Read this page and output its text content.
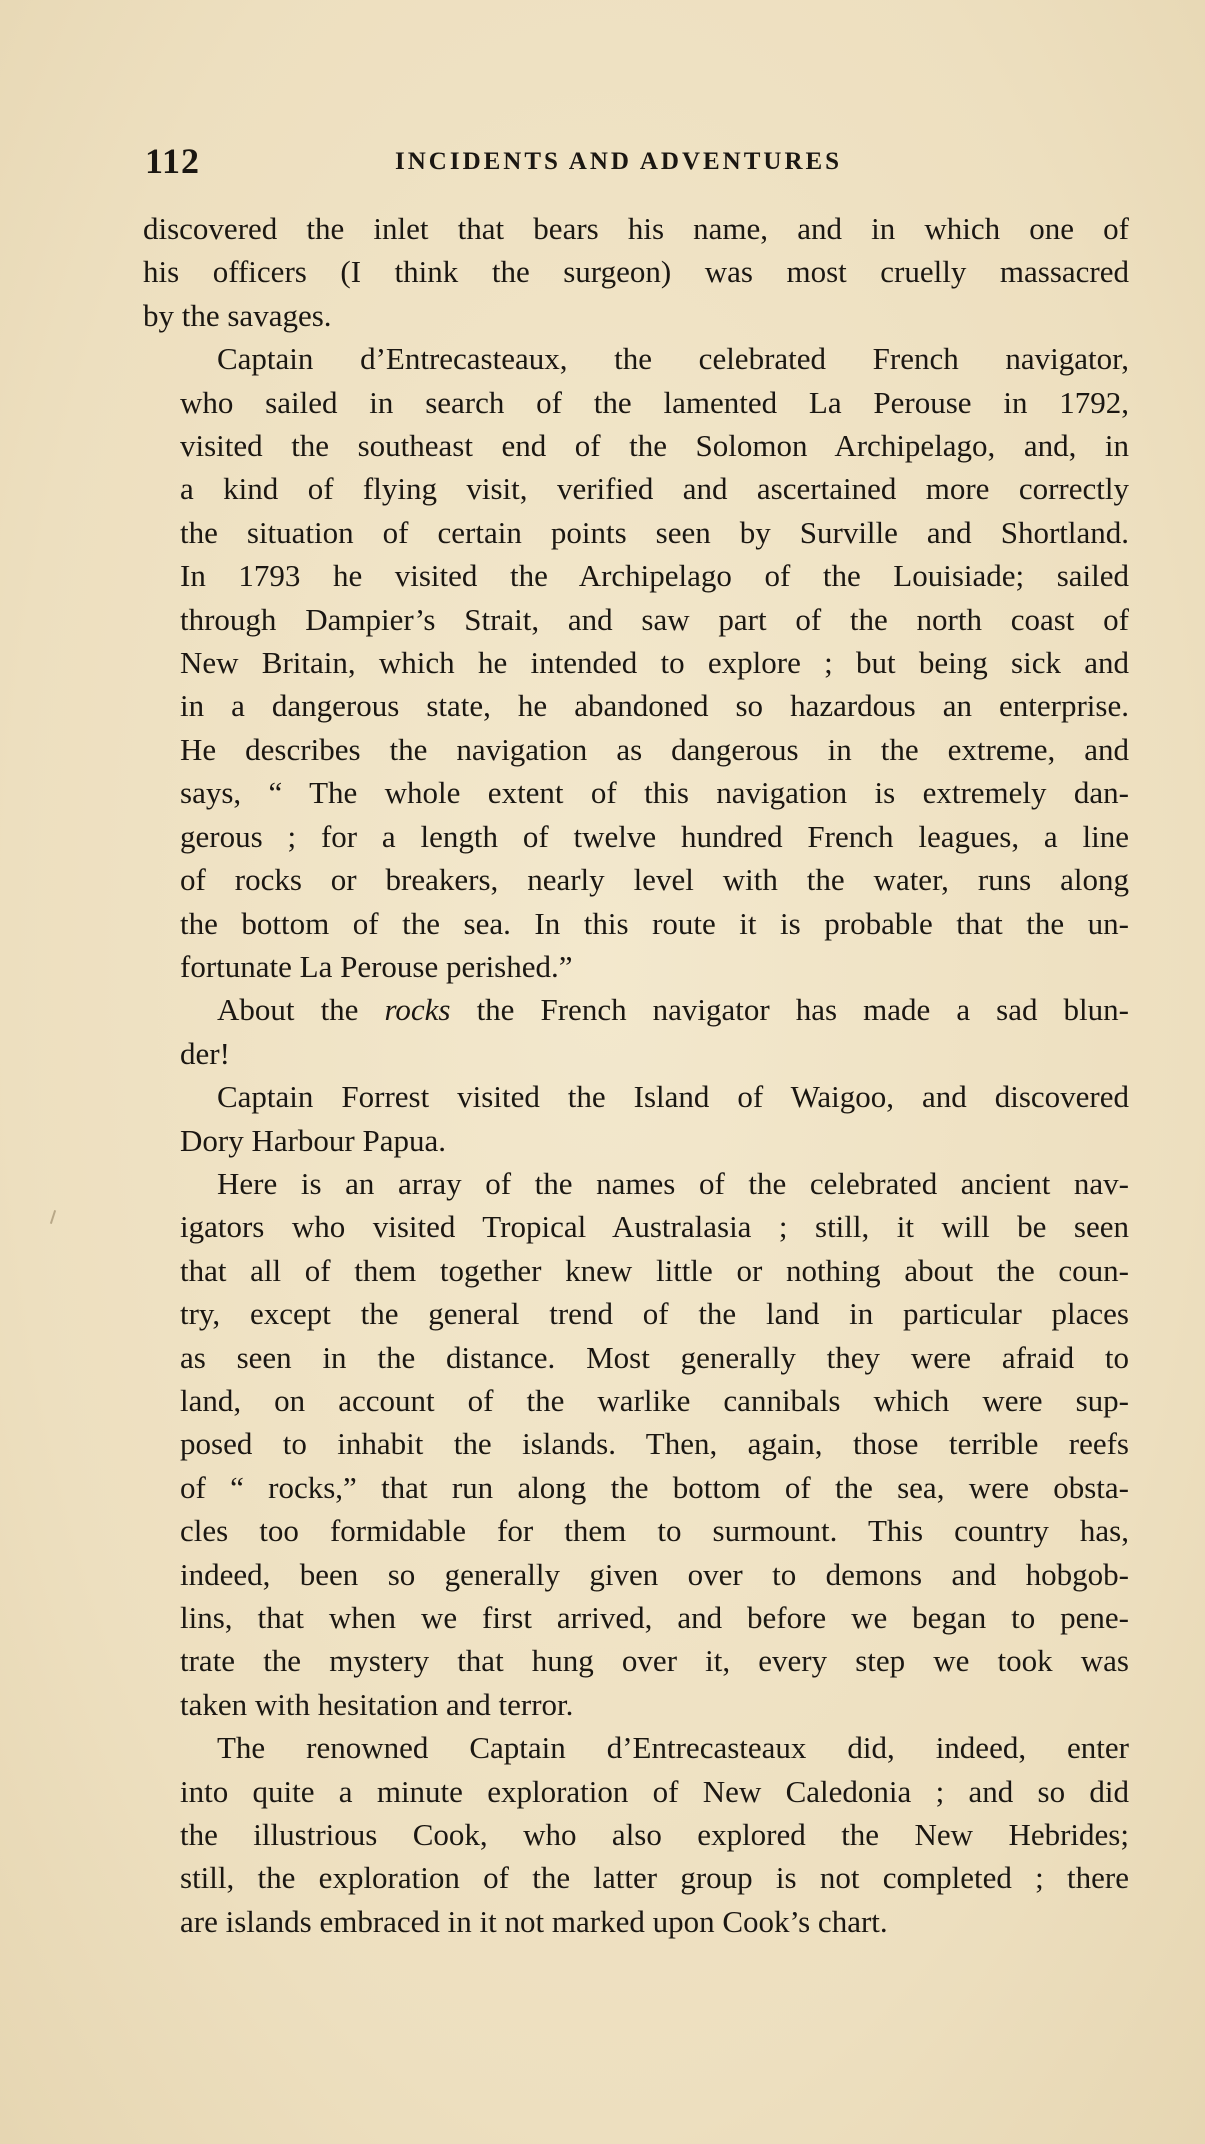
112	INCIDENTS AND ADVENTURES
discovered the inlet that bears his name, and in which one of
his officers (I think the surgeon) was most cruelly massacred
by the savages.
Captain d’Entrecasteaux, the celebrated French navigator,
who sailed in search of the lamented La Perouse in 1792,
visited the southeast end of the Solomon Archipelago, and, in
a kind of flying visit, verified and ascertained more correctly
the situation of certain points seen by Surville and Shortland.
In 1793 he visited the Archipelago of the Louisiade; sailed
through Dampier’s Strait, and saw part of the north coast of
New Britain, which he intended to explore ; but being sick and
in a dangerous state, he abandoned so hazardous an enterprise.
He describes the navigation as dangerous in the extreme, and
says, “ The whole extent of this navigation is extremely dan-
gerous ; for a length of twelve hundred French leagues, a line
of rocks or breakers, nearly level with the water, runs along
the bottom of the sea. In this route it is probable that the un-
fortunate La Perouse perished.”
About the rocks the French navigator has made a sad blun-
der!
Captain Forrest visited the Island of Waigoo, and discovered
Dory Harbour Papua.
Here is an array of the names of the celebrated ancient nav-
igators who visited Tropical Australasia ; still, it will be seen
that all of them together knew little or nothing about the coun-
try, except the general trend of the land in particular places
as seen in the distance. Most generally they were afraid to
land, on account of the warlike cannibals which were sup-
posed to inhabit the islands. Then, again, those terrible reefs
of “ rocks,” that run along the bottom of the sea, were obsta-
cles too formidable for them to surmount. This country has,
indeed, been so generally given over to demons and hobgob-
lins, that when we first arrived, and before we began to pene-
trate the mystery that hung over it, every step we took was
taken with hesitation and terror.
The renowned Captain d’Entrecasteaux did, indeed, enter
into quite a minute exploration of New Caledonia ; and so did
the illustrious Cook, who also explored the New Hebrides;
still, the exploration of the latter group is not completed ; there
are islands embraced in it not marked upon Cook’s chart.
